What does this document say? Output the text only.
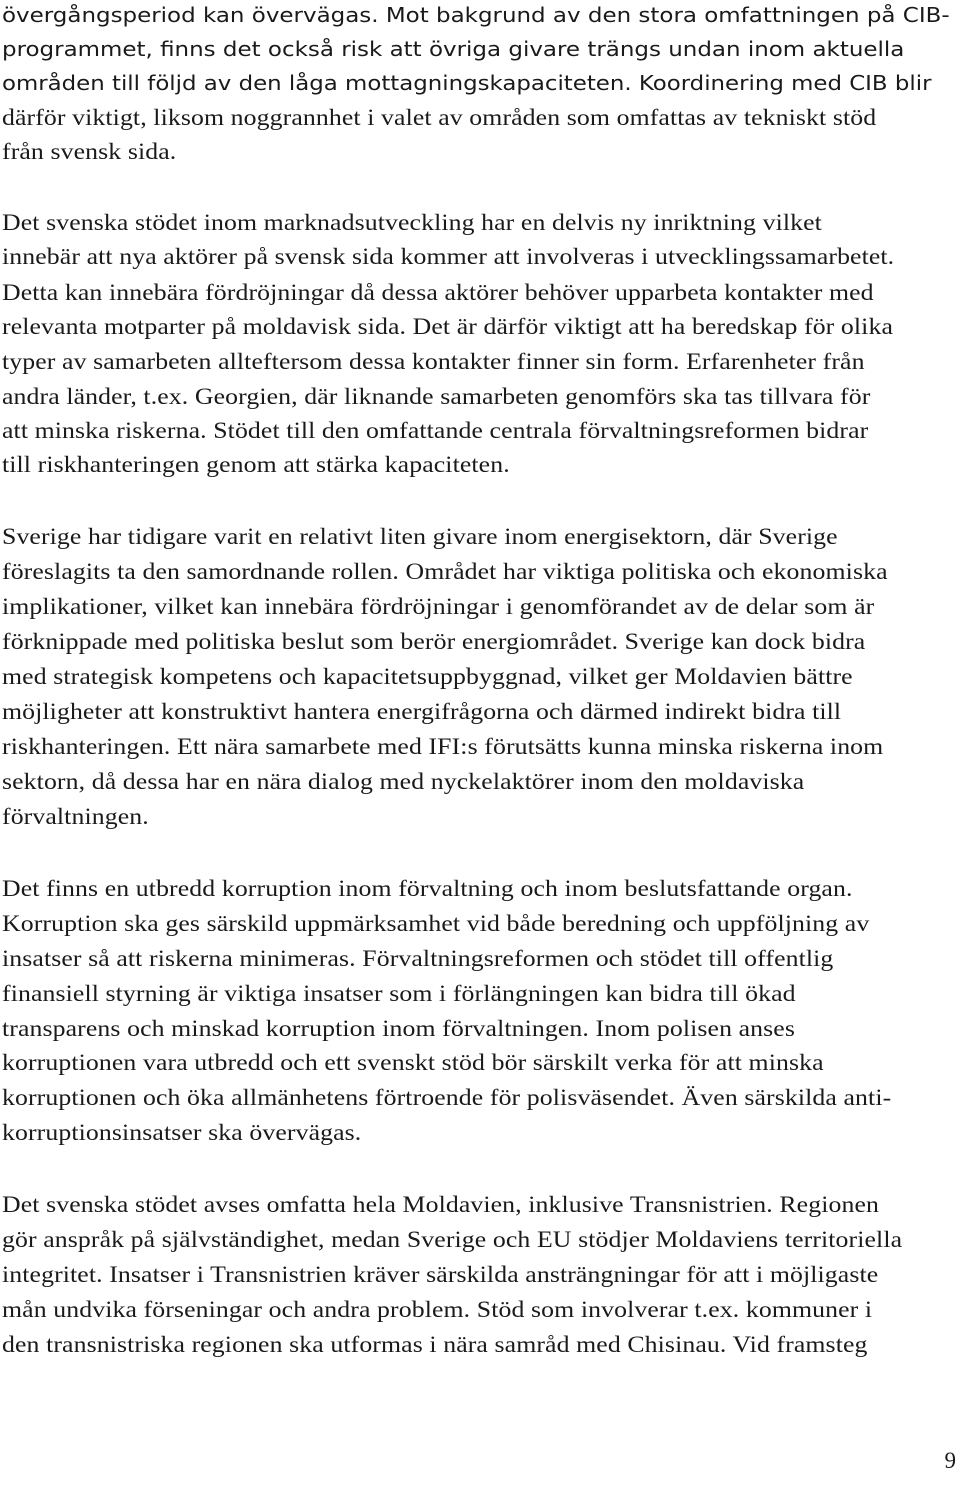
övergångsperiod kan övervägas. Mot bakgrund av den stora omfattningen på CIB-
programmet, finns det också risk att övriga givare trängs undan inom aktuella
områden till följd av den låga mottagningskapaciteten. Koordinering med CIB blir
därför viktigt, liksom noggrannhet i valet av områden som omfattas av tekniskt stöd
från svensk sida.
Det svenska stödet inom marknadsutveckling har en delvis ny inriktning vilket
innebär att nya aktörer på svensk sida kommer att involveras i utvecklingssamarbetet.
Detta kan innebära fördröjningar då dessa aktörer behöver upparbeta kontakter med
relevanta motparter på moldavisk sida. Det är därför viktigt att ha beredskap för olika
typer av samarbeten allteftersom dessa kontakter finner sin form. Erfarenheter från
andra länder, t.ex. Georgien, där liknande samarbeten genomförs ska tas tillvara för
att minska riskerna. Stödet till den omfattande centrala förvaltningsreformen bidrar
till riskhanteringen genom att stärka kapaciteten.
Sverige har tidigare varit en relativt liten givare inom energisektorn, där Sverige
föreslagits ta den samordnande rollen. Området har viktiga politiska och ekonomiska
implikationer, vilket kan innebära fördröjningar i genomförandet av de delar som är
förknippade med politiska beslut som berör energiområdet. Sverige kan dock bidra
med strategisk kompetens och kapacitetsuppbyggnad, vilket ger Moldavien bättre
möjligheter att konstruktivt hantera energifrågorna och därmed indirekt bidra till
riskhanteringen. Ett nära samarbete med IFI:s förutsätts kunna minska riskerna inom
sektorn, då dessa har en nära dialog med nyckelaktörer inom den moldaviska
förvaltningen.
Det finns en utbredd korruption inom förvaltning och inom beslutsfattande organ.
Korruption ska ges särskild uppmärksamhet vid både beredning och uppföljning av
insatser så att riskerna minimeras. Förvaltningsreformen och stödet till offentlig
finansiell styrning är viktiga insatser som i förlängningen kan bidra till ökad
transparens och minskad korruption inom förvaltningen. Inom polisen anses
korruptionen vara utbredd och ett svenskt stöd bör särskilt verka för att minska
korruptionen och öka allmänhetens förtroende för polisväsendet. Även särskilda anti-
korruptionsinsatser ska övervägas.
Det svenska stödet avses omfatta hela Moldavien, inklusive Transnistrien. Regionen
gör anspråk på självständighet, medan Sverige och EU stödjer Moldaviens territoriella
integritet. Insatser i Transnistrien kräver särskilda ansträngningar för att i möjligaste
mån undvika förseningar och andra problem. Stöd som involverar t.ex. kommuner i
den transnistriska regionen ska utformas i nära samråd med Chisinau. Vid framsteg
9
